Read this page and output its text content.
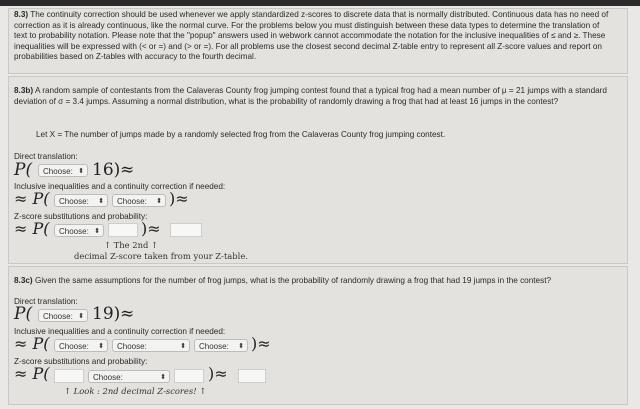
8.3) The continuity correction should be used whenever we apply standardized z-scores to discrete data that is normally distributed. Continuous data has no need of correction as it is already continuous, like the normal curve. For the problems below you must distinguish between these data types to determine the translation of text to probability notation. Please note that the "popup" answers used in webwork cannot accommodate the notation for the inclusive inequalities of ≤ and ≥. These inequalities will be expressed with (< or =) and (> or =). For all problems use the closest second decimal Z-table entry to represent all Z-score values and report on probabilities based on Z-tables with accuracy to the fourth decimal.
8.3b) A random sample of contestants from the Calaveras County frog jumping contest found that a typical frog had a mean number of μ = 21 jumps with a standard deviation of σ = 3.4 jumps. Assuming a normal distribution, what is the probability of randomly drawing a frog that had at least 16 jumps in the contest?
Let X = The number of jumps made by a randomly selected frog from the Calaveras County frog jumping contest.
Direct translation:
P(	Choose: ⬍ 16) ≈
Inclusive inequalities and a continuity correction if needed:
≈ P(	Choose: ⬍	Choose: ⬍ )≈
Z-score substitutions and probability:
≈ P(	Choose: ⬍	)≈
↑ The 2nd ↑
decimal Z-score taken from your Z-table.
8.3c) Given the same assumptions for the number of frog jumps, what is the probability of randomly drawing a frog that had 19 jumps in the contest?
Direct translation:
P(	Choose: ⬍ 19) ≈
Inclusive inequalities and a continuity correction if needed:
≈ P(	Choose: ⬍	Choose:	⬍	Choose: ⬍ )≈
Z-score substitutions and probability:
≈ P(	Choose:	⬍	)≈
↑ Look : 2nd decimal Z-scores! ↑
